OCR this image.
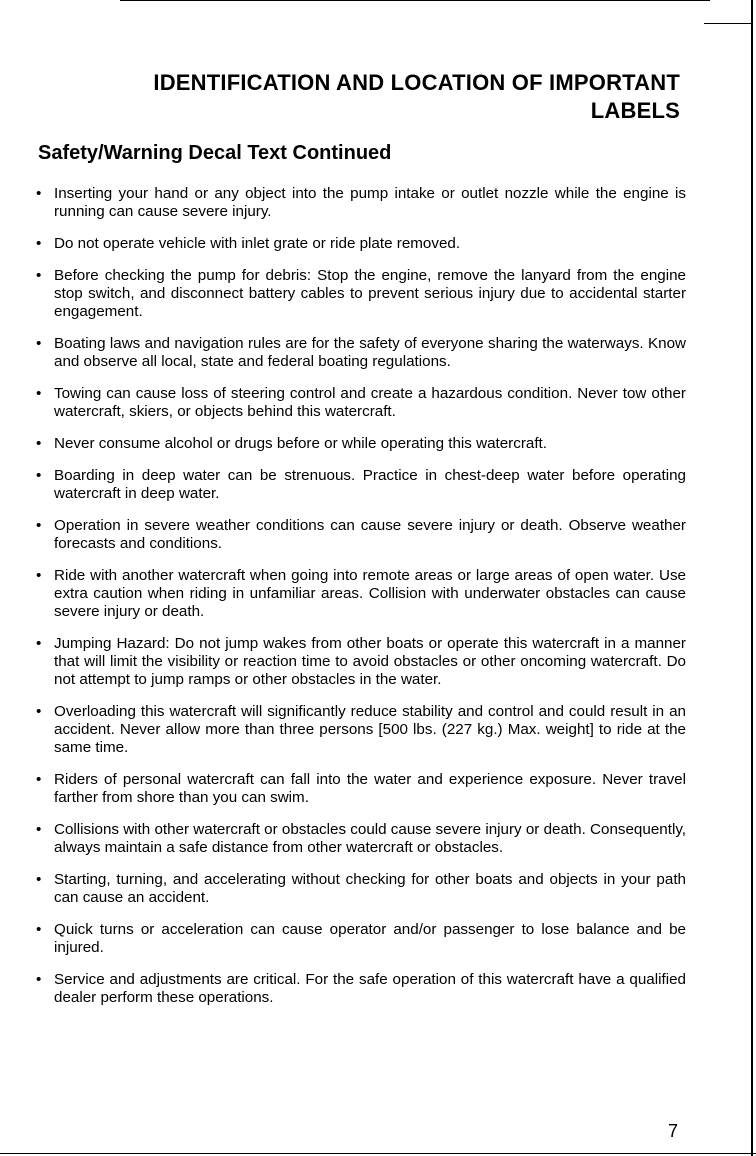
IDENTIFICATION AND LOCATION OF IMPORTANT
LABELS
Safety/Warning Decal Text Continued
• Inserting your hand or any object into the pump intake or outlet nozzle while the engine is running can cause severe injury.
• Do not operate vehicle with inlet grate or ride plate removed.
• Before checking the pump for debris: Stop the engine, remove the lanyard from the engine stop switch, and disconnect battery cables to prevent serious injury due to accidental starter engagement.
• Boating laws and navigation rules are for the safety of everyone sharing the waterways. Know and observe all local, state and federal boating regulations.
• Towing can cause loss of steering control and create a hazardous condition. Never tow other watercraft, skiers, or objects behind this watercraft.
• Never consume alcohol or drugs before or while operating this watercraft.
• Boarding in deep water can be strenuous. Practice in chest-deep water before operating watercraft in deep water.
• Operation in severe weather conditions can cause severe injury or death. Observe weather forecasts and conditions.
• Ride with another watercraft when going into remote areas or large areas of open water. Use extra caution when riding in unfamiliar areas. Collision with underwater obstacles can cause severe injury or death.
• Jumping Hazard: Do not jump wakes from other boats or operate this watercraft in a manner that will limit the visibility or reaction time to avoid obstacles or other oncoming watercraft. Do not attempt to jump ramps or other obstacles in the water.
• Overloading this watercraft will significantly reduce stability and control and could result in an accident. Never allow more than three persons [500 lbs. (227 kg.) Max. weight] to ride at the same time.
• Riders of personal watercraft can fall into the water and experience exposure. Never travel farther from shore than you can swim.
• Collisions with other watercraft or obstacles could cause severe injury or death. Consequently, always maintain a safe distance from other watercraft or obstacles.
• Starting, turning, and accelerating without checking for other boats and objects in your path can cause an accident.
• Quick turns or acceleration can cause operator and/or passenger to lose balance and be injured.
• Service and adjustments are critical. For the safe operation of this watercraft have a qualified dealer perform these operations.
7
